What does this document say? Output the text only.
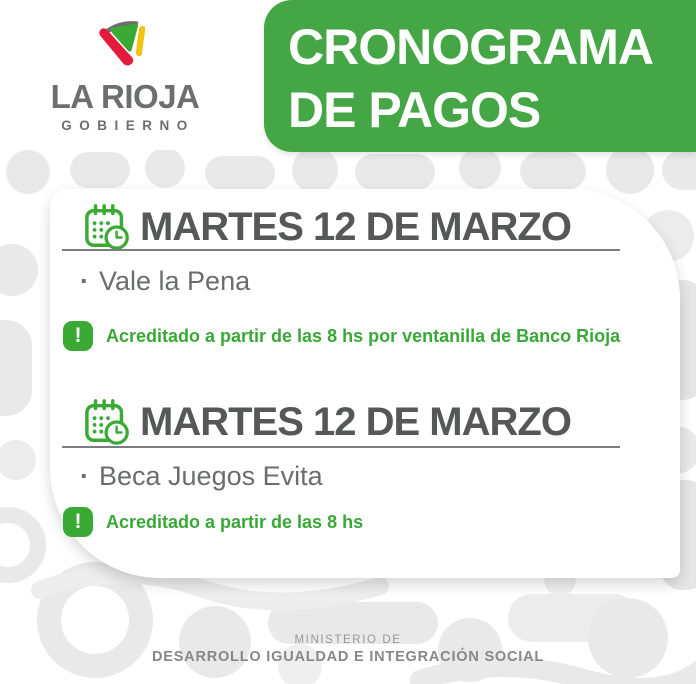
LA RIOJA
GOBIERNO
CRONOGRAMA
DE PAGOS
MARTES 12 DE MARZO
· Vale la Pena
!	Acreditado a partir de las 8 hs por ventanilla de Banco Rioja
MARTES 12 DE MARZO
· Beca Juegos Evita
!	Acreditado a partir de las 8 hs
MINISTERIO DE
DESARROLLO IGUALDAD E INTEGRACIÓN SOCIAL
